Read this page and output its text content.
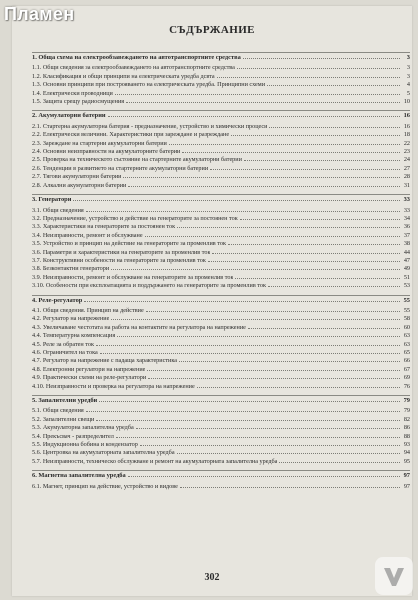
Пламен
СЪДЪРЖАНИЕ
1. Обща схема на електрообзавеждането на автотранспортните средства	3
1.1. Общи сведения за електрообзавеждането на автотранспортните средства	3
1.2. Класификация и общи принципи на електрическата уредба дсвта	3
1.3. Основни принципи при построяването на електрическата уредба. Принципни схеми	4
1.4. Електрически проводници	5
1.5. Защита срещу радиосмущения	10
2. Акумулаторни батерии	16
2.1. Стартерна акумулаторна батерия - предназначение, устройство и химически процеси	16
2.2. Електрически величини. Характеристики при зареждане и разреждане	18
2.3. Зареждане на стартерни акумулаторни батерии	22
2.4. Основни неизправности на акумулаторните батерии	23
2.5. Проверка на техническото състояние на стартерните акумулаторни батерии	24
2.6. Тенденции в развитието на стартерните акумулаторни батерии	27
2.7. Тягови акумулаторни батерии	28
2.8. Алкални акумулаторни батерии	31
3. Генератори	33
3.1. Общи сведения	33
3.2. Предназначение, устройство и действие на генераторите за постоянен ток	34
3.3. Характеристики на генераторите за постоянен ток	36
3.4. Неизправности, ремонт и обслужване	37
3.5. Устройство и принцип на действие на генераторите за променлив ток	38
3.6. Параметри и характеристики на генераторите за променлив ток	44
3.7. Конструктивни особености на генераторите за променлив ток	47
3.8. Безконтактни генератори	49
3.9. Неизправности, ремонт и обслужване на генераторите за променлив ток	51
3.10. Особености при експлоатацията и поддържането на генераторите за променлив ток	53
4. Реле-регулатор	55
4.1. Общи сведения. Принцип на действие	55
4.2. Регулатор на напрежение	58
4.3. Увеличаване честотата на работа на контактите на регулатора на напрежение	60
4.4. Температурна компенсация	63
4.5. Реле за обратен ток	63
4.6. Ограничител на тока	65
4.7. Регулатор на напрежение с падаща характеристика	66
4.8. Електронни регулатори на напрежение	67
4.9. Практически схеми на реле-регулатори	69
4.10. Неизправности и проверка на регулатора на напрежение	76
5. Запалителни уредби	79
5.1. Общи сведения	79
5.2. Запалителни свещи	82
5.3. Акумулаторна запалителна уредба	86
5.4. Прекъсвач - разпределител	88
5.5. Индукционна бобина и кондензатор	93
5.6. Центровка на акумулаторната запалителна уредба	94
5.7. Неизправности, техническо обслужване и ремонт на акумулаторната запалителна уредба	95
6. Магнетна запалителна уредба	97
6.1. Магнет, принцип на действие, устройство и видове	97
302
